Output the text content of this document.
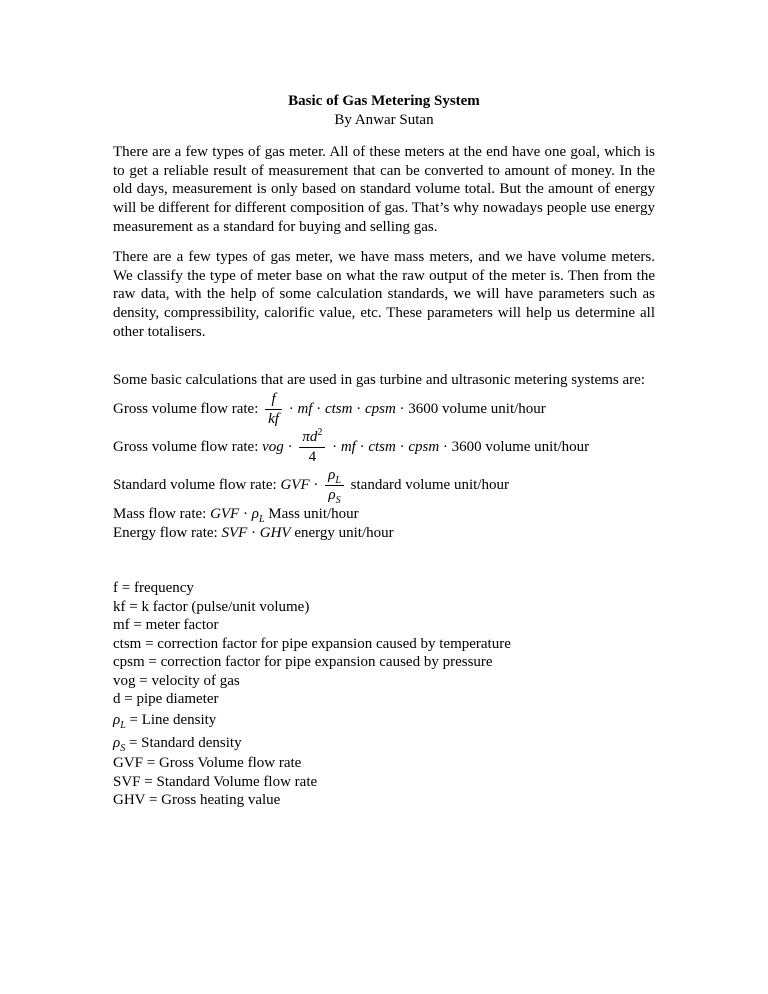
Basic of Gas Metering System
By Anwar Sutan

There are a few types of gas meter. All of these meters at the end have one goal, which is to get a reliable result of measurement that can be converted to amount of money. In the old days, measurement is only based on standard volume total. But the amount of energy will be different for different composition of gas. That’s why nowadays people use energy measurement as a standard for buying and selling gas.

There are a few types of gas meter, we have mass meters, and we have volume meters. We classify the type of meter base on what the raw output of the meter is. Then from the raw data, with the help of some calculation standards, we will have parameters such as density, compressibility, calorific value, etc. These parameters will help us determine all other totalisers.

Some basic calculations that are used in gas turbine and ultrasonic metering systems are:
Gross volume flow rate: $\frac{f}{kf}$ · mf · ctsm · cpsm · 3600 volume unit/hour
Gross volume flow rate: vog · $\frac{\pi d^2}{4}$ · mf · ctsm · cpsm · 3600 volume unit/hour
Standard volume flow rate: GVF · $\frac{\rho_L}{\rho_S}$ standard volume unit/hour
Mass flow rate: GVF · $\rho_L$ Mass unit/hour
Energy flow rate: SVF · GHV energy unit/hour
f = frequency
kf = k factor (pulse/unit volume)
mf = meter factor
ctsm = correction factor for pipe expansion caused by temperature
cpsm = correction factor for pipe expansion caused by pressure
vog = velocity of gas
d = pipe diameter
$\rho_L$ = Line density
$\rho_S$ = Standard density
GVF = Gross Volume flow rate
SVF = Standard Volume flow rate
GHV = Gross heating value
